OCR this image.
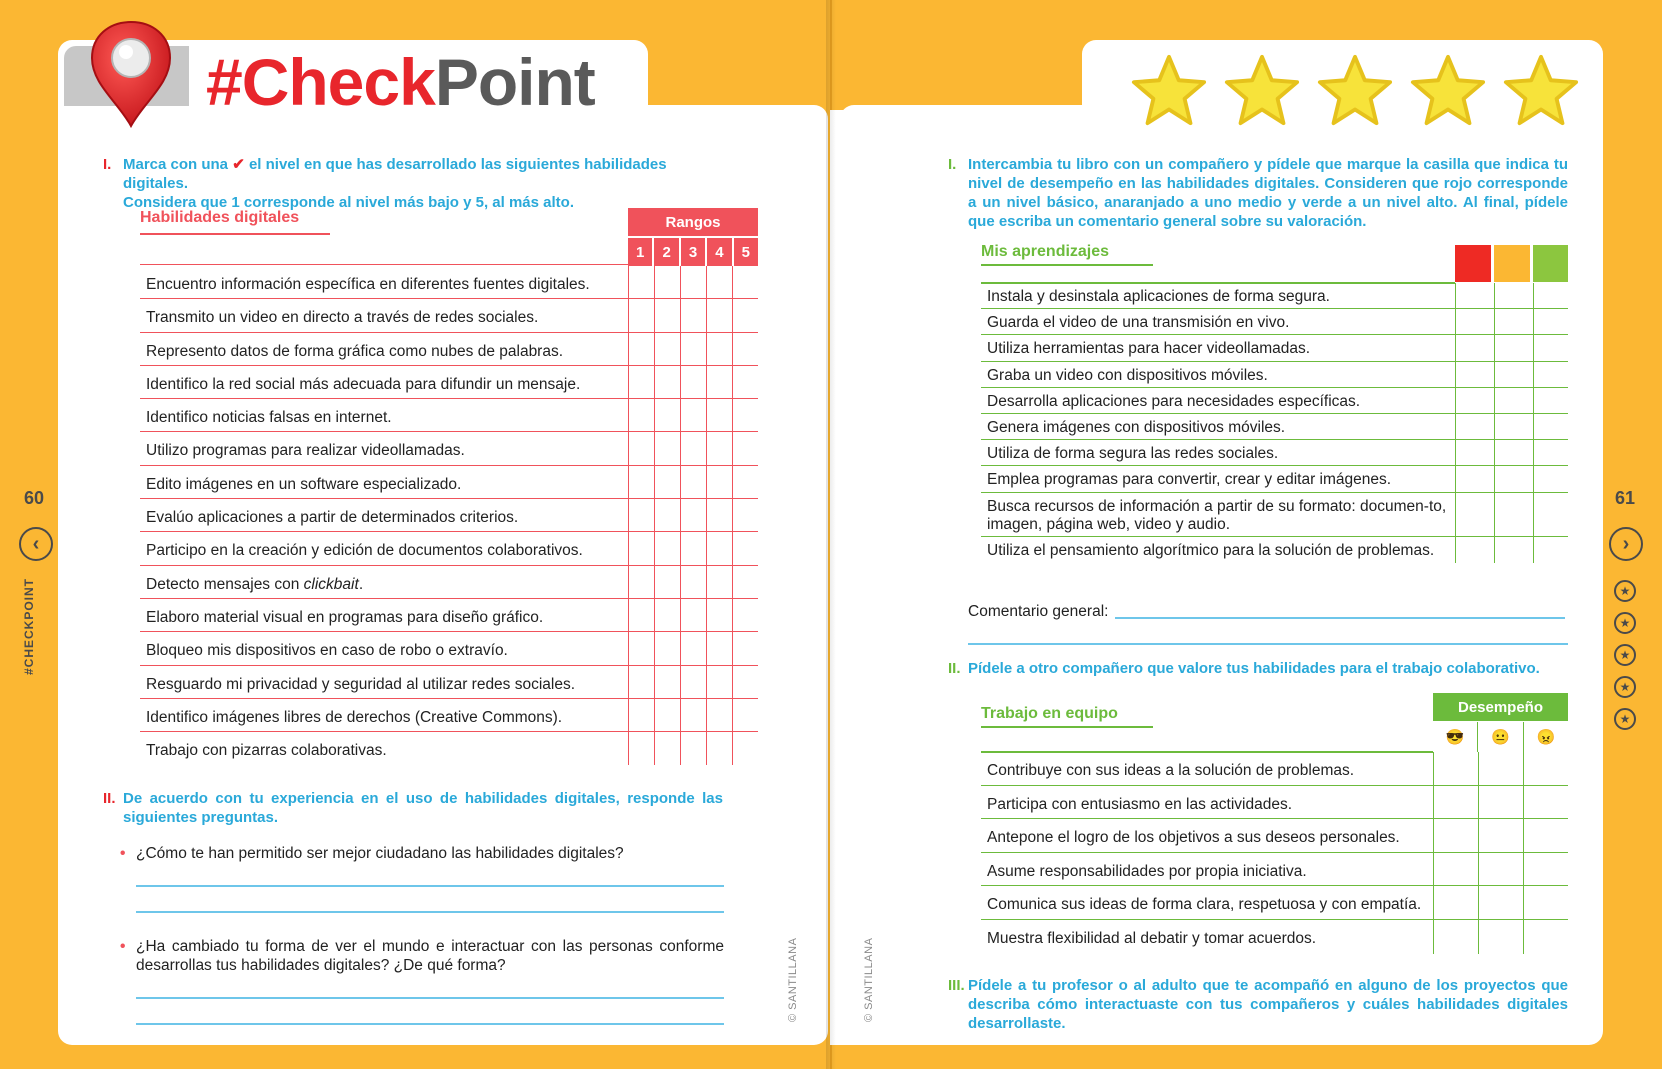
#CheckPoint
60
‹
#CHECKPOINT
61
›
★
★
★
★
★
© SANTILLANA	© SANTILLANA
I. Marca con una ✔ el nivel en que has desarrollado las siguientes habilidades digitales.
Considera que 1 corresponde al nivel más bajo y 5, al más alto.
Habilidades digitales	Rangos
1	2	3	4	5
Encuentro información específica en diferentes fuentes digitales.
Transmito un video en directo a través de redes sociales.
Represento datos de forma gráfica como nubes de palabras.
Identifico la red social más adecuada para difundir un mensaje.
Identifico noticias falsas en internet.
Utilizo programas para realizar videollamadas.
Edito imágenes en un software especializado.
Evalúo aplicaciones a partir de determinados criterios.
Participo en la creación y edición de documentos colaborativos.
Detecto mensajes con clickbait.
Elaboro material visual en programas para diseño gráfico.
Bloqueo mis dispositivos en caso de robo o extravío.
Resguardo mi privacidad y seguridad al utilizar redes sociales.
Identifico imágenes libres de derechos (Creative Commons).
Trabajo con pizarras colaborativas.
II. De acuerdo con tu experiencia en el uso de habilidades digitales, responde las siguientes preguntas.
• ¿Cómo te han permitido ser mejor ciudadano las habilidades digitales?
• ¿Ha cambiado tu forma de ver el mundo e interactuar con las personas conforme desarrollas tus habilidades digitales? ¿De qué forma?
I. Intercambia tu libro con un compañero y pídele que marque la casilla que indica tu nivel de desempeño en las habilidades digitales. Consideren que rojo corresponde a un nivel básico, anaranjado a uno medio y verde a un nivel alto. Al final, pídele que escriba un comentario general sobre su valoración.
Mis aprendizajes
Instala y desinstala aplicaciones de forma segura.
Guarda el video de una transmisión en vivo.
Utiliza herramientas para hacer videollamadas.
Graba un video con dispositivos móviles.
Desarrolla aplicaciones para necesidades específicas.
Genera imágenes con dispositivos móviles.
Utiliza de forma segura las redes sociales.
Emplea programas para convertir, crear y editar imágenes.
Busca recursos de información a partir de su formato: documen-to, imagen, página web, video y audio.
Utiliza el pensamiento algorítmico para la solución de problemas.
Comentario general:
II. Pídele a otro compañero que valore tus habilidades para el trabajo colaborativo.
Trabajo en equipo	Desempeño
😎	😐	😠
Contribuye con sus ideas a la solución de problemas.
Participa con entusiasmo en las actividades.
Antepone el logro de los objetivos a sus deseos personales.
Asume responsabilidades por propia iniciativa.
Comunica sus ideas de forma clara, respetuosa y con empatía.
Muestra flexibilidad al debatir y tomar acuerdos.
III. Pídele a tu profesor o al adulto que te acompañó en alguno de los proyectos que describa cómo interactuaste con tus compañeros y cuáles habilidades digitales desarrollaste.
